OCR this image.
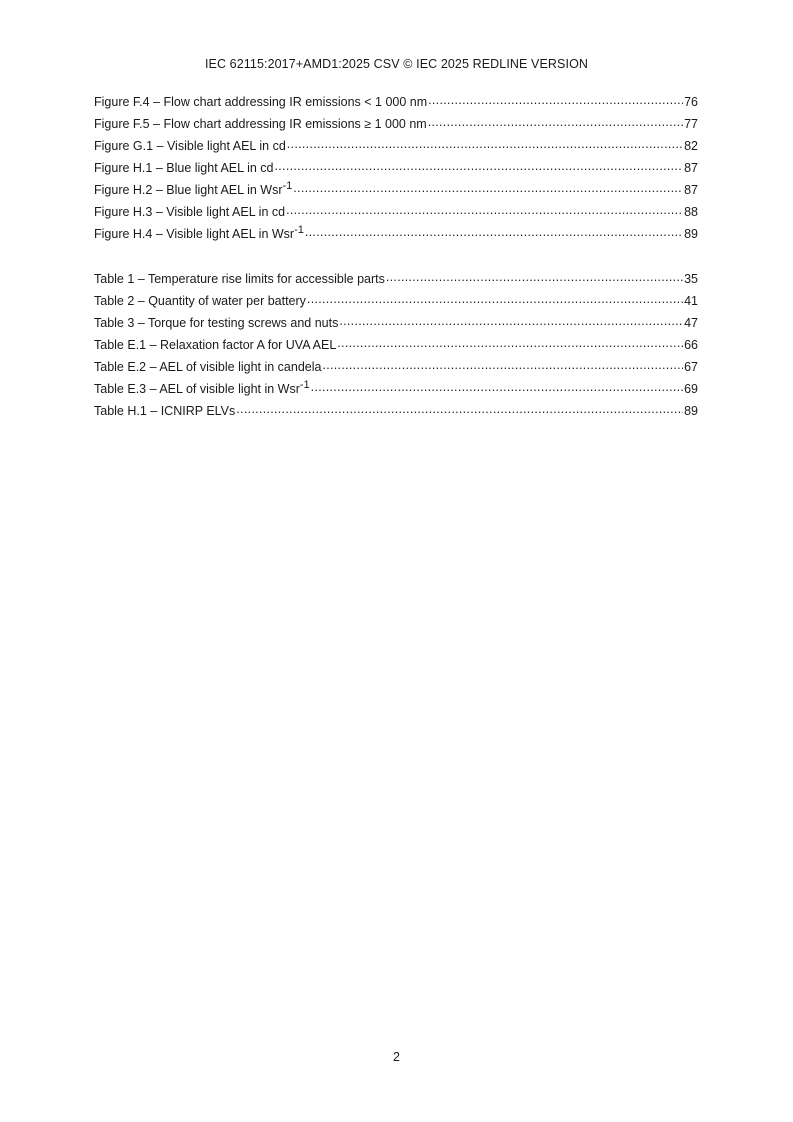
IEC 62115:2017+AMD1:2025 CSV © IEC 2025 REDLINE VERSION
Figure F.4 – Flow chart addressing IR emissions < 1 000 nm .....	76
Figure F.5 – Flow chart addressing IR emissions ≥ 1 000 nm .....	77
Figure G.1 – Visible light AEL in cd .....	82
Figure H.1 – Blue light AEL in cd .....	87
Figure H.2 – Blue light AEL in Wsr$^{-1}$ .....	87
Figure H.3 – Visible light AEL in cd .....	88
Figure H.4 – Visible light AEL in Wsr$^{-1}$ .....	89
Table 1 – Temperature rise limits for accessible parts .....	35
Table 2 – Quantity of water per battery .....	41
Table 3 – Torque for testing screws and nuts .....	47
Table E.1 – Relaxation factor A for UVA AEL .....	66
Table E.2 – AEL of visible light in candela .....	67
Table E.3 – AEL of visible light in Wsr$^{-1}$ .....	69
Table H.1 – ICNIRP ELVs .....	89
2
